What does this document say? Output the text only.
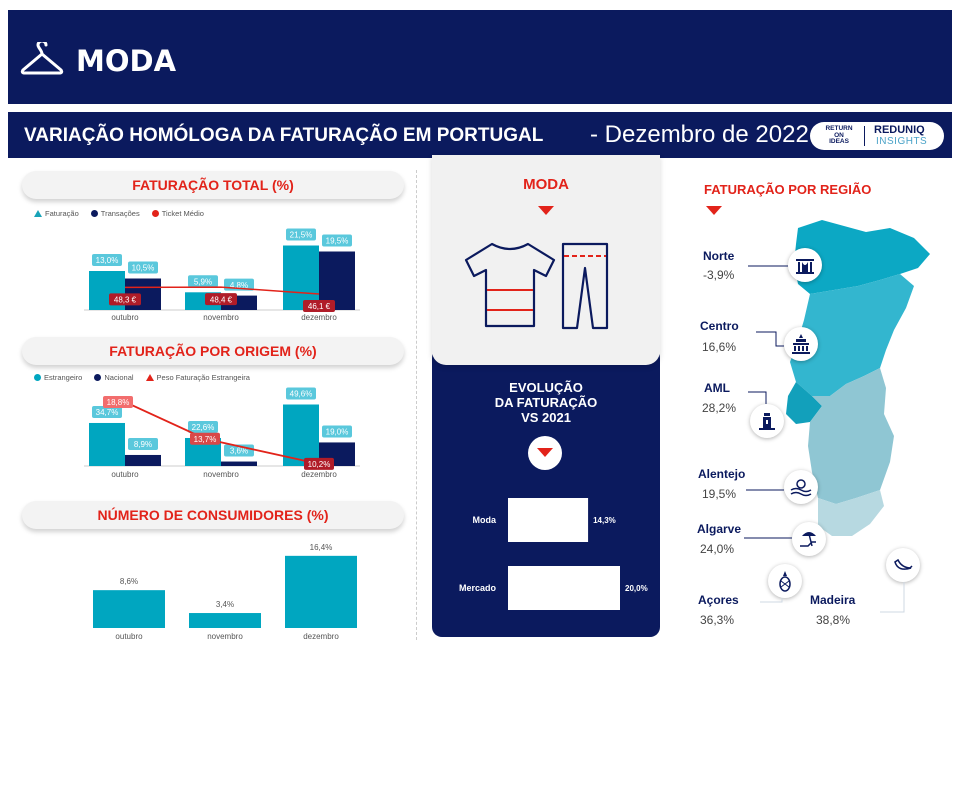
MODA
VARIAÇÃO HOMÓLOGA DA FATURAÇÃO EM PORTUGAL - Dezembro de 2022	RETURN
ON
IDEAS
REDUNIQ
INSIGHTS
FATURAÇÃO TOTAL (%)
Faturação	Transações	Ticket Médio
13,0%
10,5%
outubro
5,9% 4,8%
novembro
21,5%
19,5%
dezembro
48,3 €	48,4 €
46,1 €
FATURAÇÃO POR ORIGEM (%)
Estrangeiro	Nacional	Peso Faturação Estrangeira
34,7%
8,9%
outubro
22,6%
3,6%
novembro
49,6%
19,0%
dezembro
18,8%
13,7%
10,2%
NÚMERO DE CONSUMIDORES (%)
8,6%
outubro
3,4%
novembro
16,4%
dezembro
MODA
EVOLUÇÃO
DA FATURAÇÃO
VS 2021
Moda	14,3%
Mercado	20,0%
FATURAÇÃO POR REGIÃO
Norte
-3,9%
Centro
16,6%
AML
28,2%
Alentejo
19,5%
Algarve
24,0%
Açores
36,3%
Madeira
38,8%
